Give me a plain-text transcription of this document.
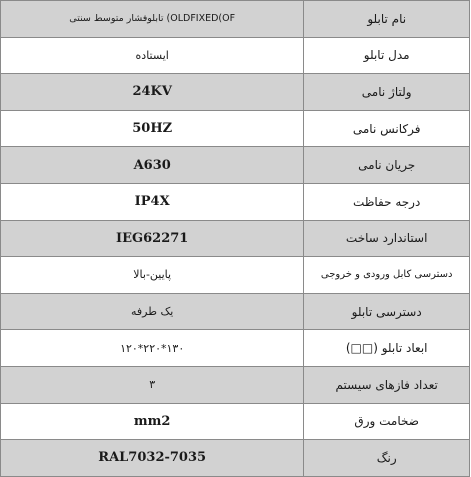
تابلوفشار متوسط سنتی (OLDFIXED(OF	نام تابلو
ایستاده	مدل تابلو
24KV	ولتاژ نامی
50HZ	فرکانس نامی
A630	جریان نامی
IP4X	درجه حفاظت
IEG62271	استاندارد ساخت
پایین-بالا	دسترسی کابل ورودی و خروجی
یک طرفه	دسترسی تابلو
۱۲۰*۲۲۰*۱۳۰	ابعاد تابلو (□□)
۳	تعداد فازهای سیستم
mm2	ضخامت ورق
RAL7032-7035	رنگ
